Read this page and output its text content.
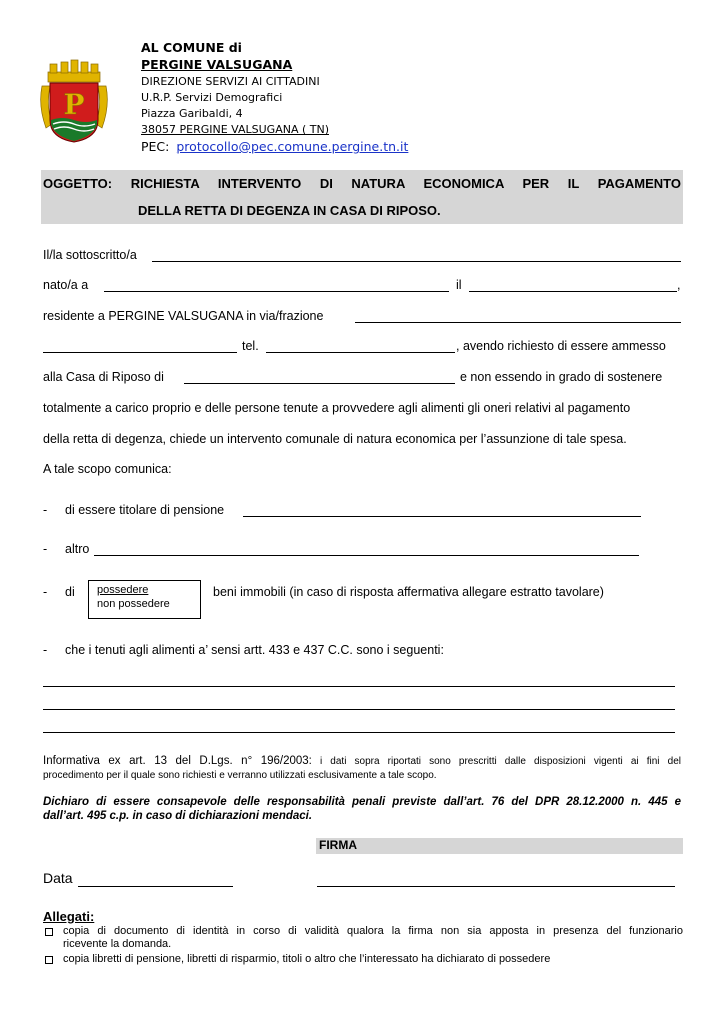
P
AL COMUNE di
PERGINE VALSUGANA
DIREZIONE SERVIZI AI CITTADINI
U.R.P. Servizi Demografici
Piazza Garibaldi, 4
38057 PERGINE VALSUGANA ( TN)
PEC: protocollo@pec.comune.pergine.tn.it
OGGETTO: RICHIESTA INTERVENTO DI NATURA ECONOMICA PER IL PAGAMENTO
DELLA RETTA DI DEGENZA IN CASA DI RIPOSO.
Il/la sottoscritto/a
nato/a a	il	,
residente a PERGINE VALSUGANA in via/frazione
tel.	, avendo richiesto di essere ammesso
alla Casa di Riposo di	e non essendo in grado di sostenere
totalmente a carico proprio e delle persone tenute a provvedere agli alimenti gli oneri relativi al pagamento
della retta di degenza, chiede un intervento comunale di natura economica per l’assunzione di tale spesa.
A tale scopo comunica:
- di essere titolare di pensione
- altro
- di	possedere
non possedere
beni immobili (in caso di risposta affermativa allegare estratto tavolare)
- che i tenuti agli alimenti a’ sensi artt. 433 e 437 C.C. sono i seguenti:
Informativa ex art. 13 del D.Lgs. n° 196/2003: i dati sopra riportati sono prescritti dalle disposizioni vigenti ai fini del
procedimento per il quale sono richiesti e verranno utilizzati esclusivamente a tale scopo.
Dichiaro di essere consapevole delle responsabilità penali previste dall’art. 76 del DPR 28.12.2000 n. 445 e
dall’art. 495 c.p. in caso di dichiarazioni mendaci.
FIRMA
Data
Allegati:
copia di documento di identità in corso di validità qualora la firma non sia apposta in presenza del funzionario
ricevente la domanda.
copia libretti di pensione, libretti di risparmio, titoli o altro che l’interessato ha dichiarato di possedere
